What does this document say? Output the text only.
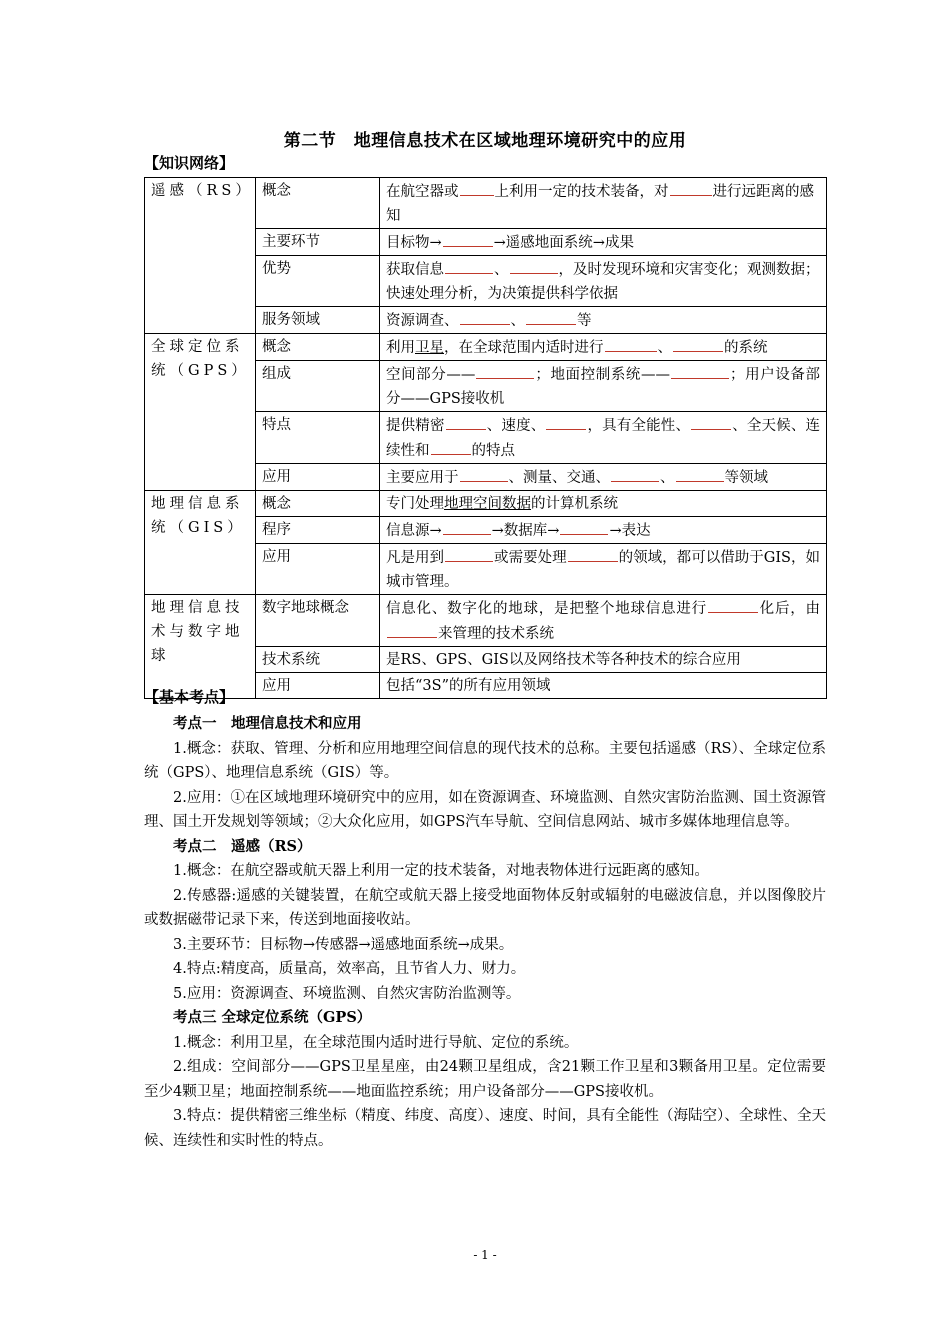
第二节　地理信息技术在区域地理环境研究中的应用
【知识网络】
遥感（RS）	概念	在航空器或 上利用一定的技术装备，对 进行远距离的感知
	主要环节	目标物→ →遥感地面系统→成果
	优势	获取信息 、 ，及时发现环境和灾害变化；观测数据；快速处理分析，为决策提供科学依据
	服务领域	资源调查、 、 等
全球定位系统（GPS）	概念	利用卫星，在全球范围内适时进行 、 的系统
	组成	空间部分—— ；地面控制系统—— ；用户设备部分——GPS接收机
	特点	提供精密 、速度、 ，具有全能性、 、全天候、连续性和 的特点
	应用	主要应用于 、测量、交通、 、 等领域
地理信息系统（GIS）	概念	专门处理地理空间数据的计算机系统
	程序	信息源→ →数据库→ →表达
	应用	凡是用到 或需要处理 的领域，都可以借助于GIS，如城市管理。
地理信息技术与数字地球	数字地球概念	信息化、数字化的地球，是把整个地球信息进行 化后，由来管理的技术系统
	技术系统	是RS、GPS、GIS以及网络技术等各种技术的综合应用
	应用	包括“3S”的所有应用领域
【基本考点】

考点一　地理信息技术和应用

1.概念：获取、管理、分析和应用地理空间信息的现代技术的总称。主要包括遥感（RS）、全球定位系统（GPS）、地理信息系统（GIS）等。

2.应用：①在区域地理环境研究中的应用，如在资源调查、环境监测、自然灾害防治监测、国土资源管理、国土开发规划等领域；②大众化应用，如GPS汽车导航、空间信息网站、城市多媒体地理信息等。

考点二　遥感（RS）

1.概念：在航空器或航天器上利用一定的技术装备，对地表物体进行远距离的感知。

2.传感器:遥感的关键装置，在航空或航天器上接受地面物体反射或辐射的电磁波信息，并以图像胶片或数据磁带记录下来，传送到地面接收站。

3.主要环节：目标物→传感器→遥感地面系统→成果。

4.特点:精度高，质量高，效率高，且节省人力、财力。

5.应用：资源调查、环境监测、自然灾害防治监测等。

考点三 全球定位系统（GPS）

1.概念：利用卫星，在全球范围内适时进行导航、定位的系统。

2.组成：空间部分——GPS卫星星座，由24颗卫星组成，含21颗工作卫星和3颗备用卫星。定位需要至少4颗卫星；地面控制系统——地面监控系统；用户设备部分——GPS接收机。

3.特点：提供精密三维坐标（精度、纬度、高度）、速度、时间，具有全能性（海陆空）、全球性、全天候、连续性和实时性的特点。

- 1 -
